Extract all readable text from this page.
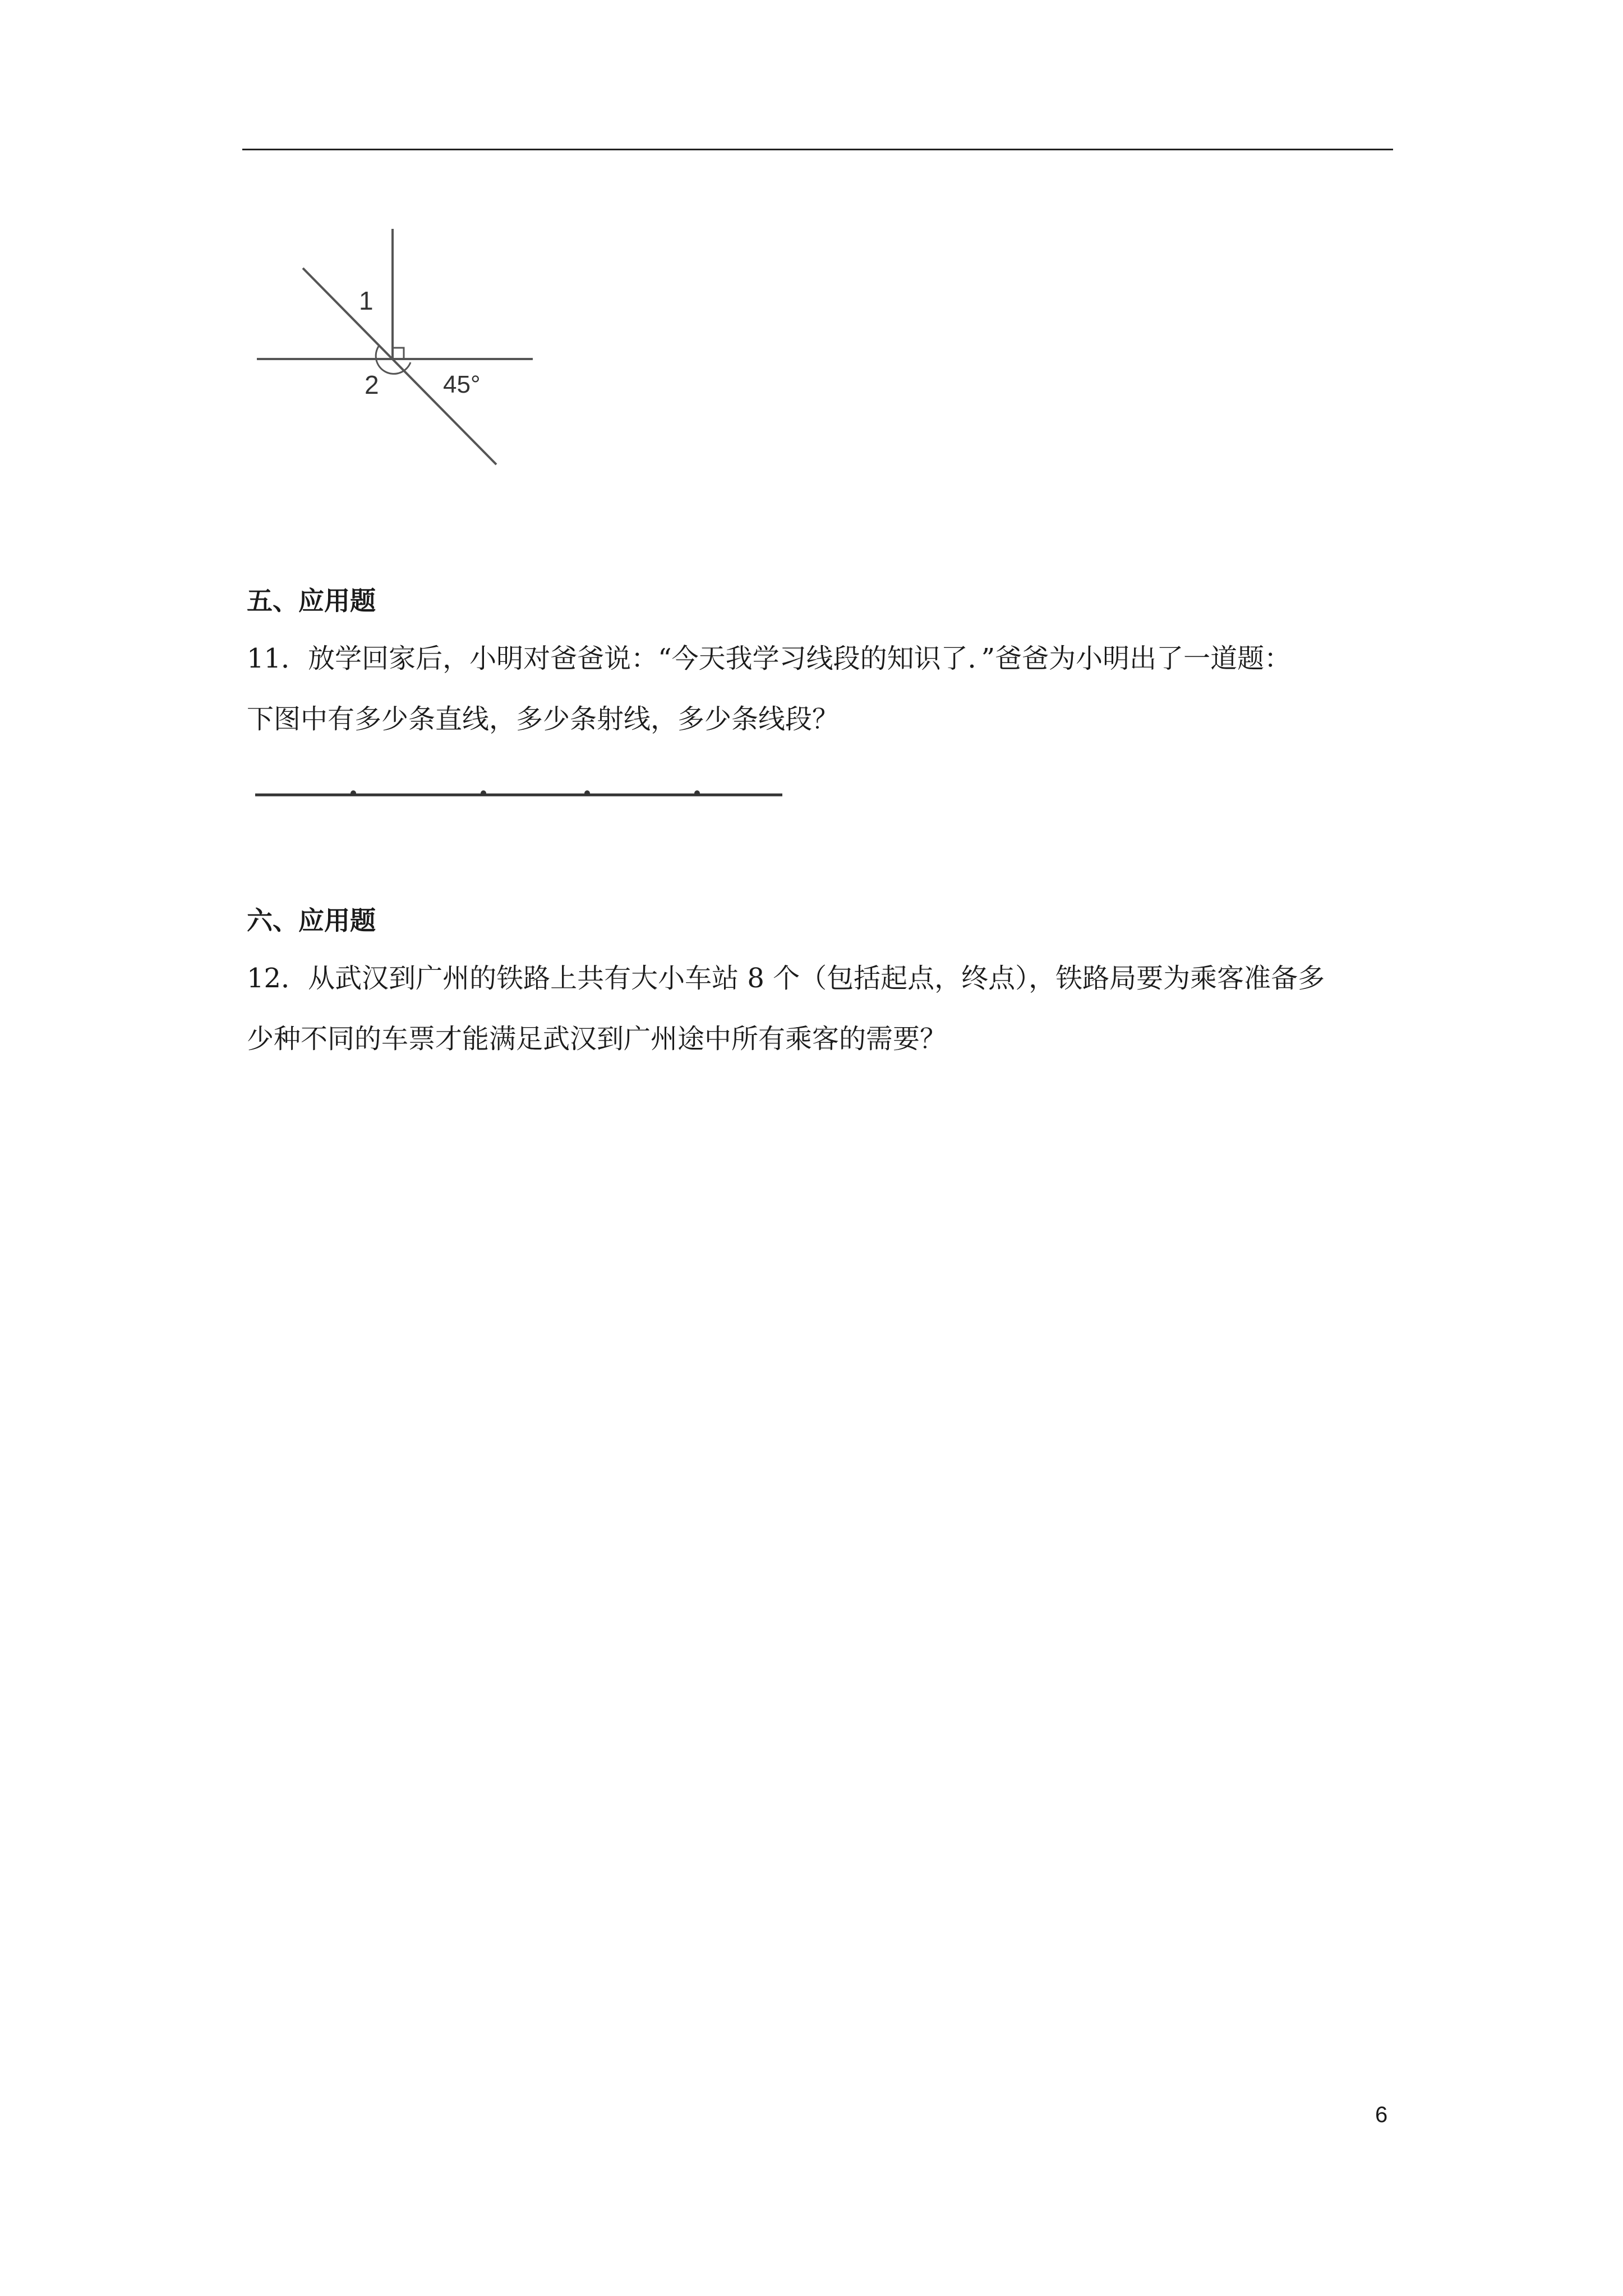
1
2	45°
五、应用题
11．放学回家后，小明对爸爸说：“今天我学习线段的知识了．”爸爸为小明出了一道题：
下图中有多少条直线，多少条射线，多少条线段？
六、应用题
12．从武汉到广州的铁路上共有大小车站 8 个（包括起点，终点），铁路局要为乘客准备多
少种不同的车票才能满足武汉到广州途中所有乘客的需要？
6
